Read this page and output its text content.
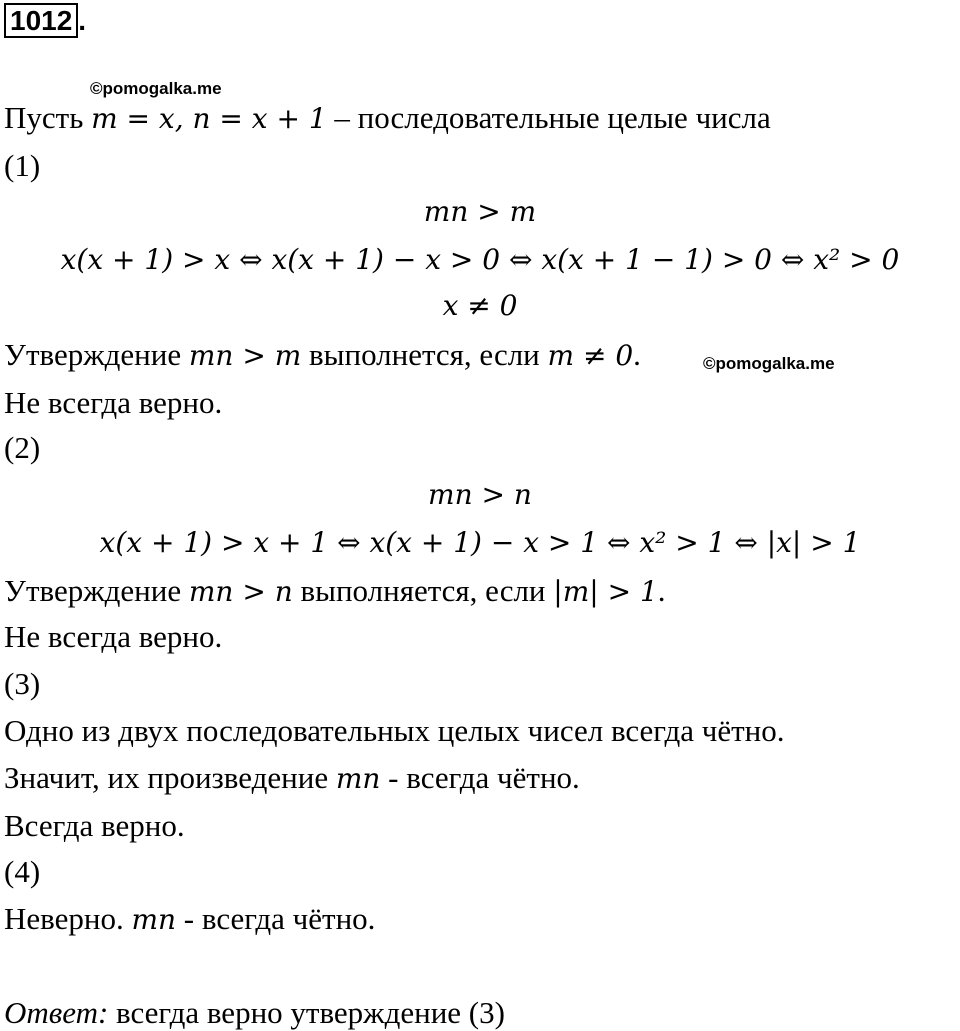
1012 .
©pomogalka.me
©pomogalka.me
Пусть m = x, n = x + 1 – последовательные целые числа
(1)
mn > m
x(x + 1) > x ⇔ x(x + 1) − x > 0 ⇔ x(x + 1 − 1) > 0 ⇔ x² > 0
x ≠ 0
Утверждение mn > m выполнется, если m ≠ 0.
Не всегда верно.
(2)
mn > n
x(x + 1) > x + 1 ⇔ x(x + 1) − x > 1 ⇔ x² > 1 ⇔ |x| > 1
Утверждение mn > n выполняется, если |m| > 1.
Не всегда верно.
(3)
Одно из двух последовательных целых чисел всегда чётно.
Значит, их произведение mn - всегда чётно.
Всегда верно.
(4)
Неверно. mn - всегда чётно.
Ответ: всегда верно утверждение (3)
